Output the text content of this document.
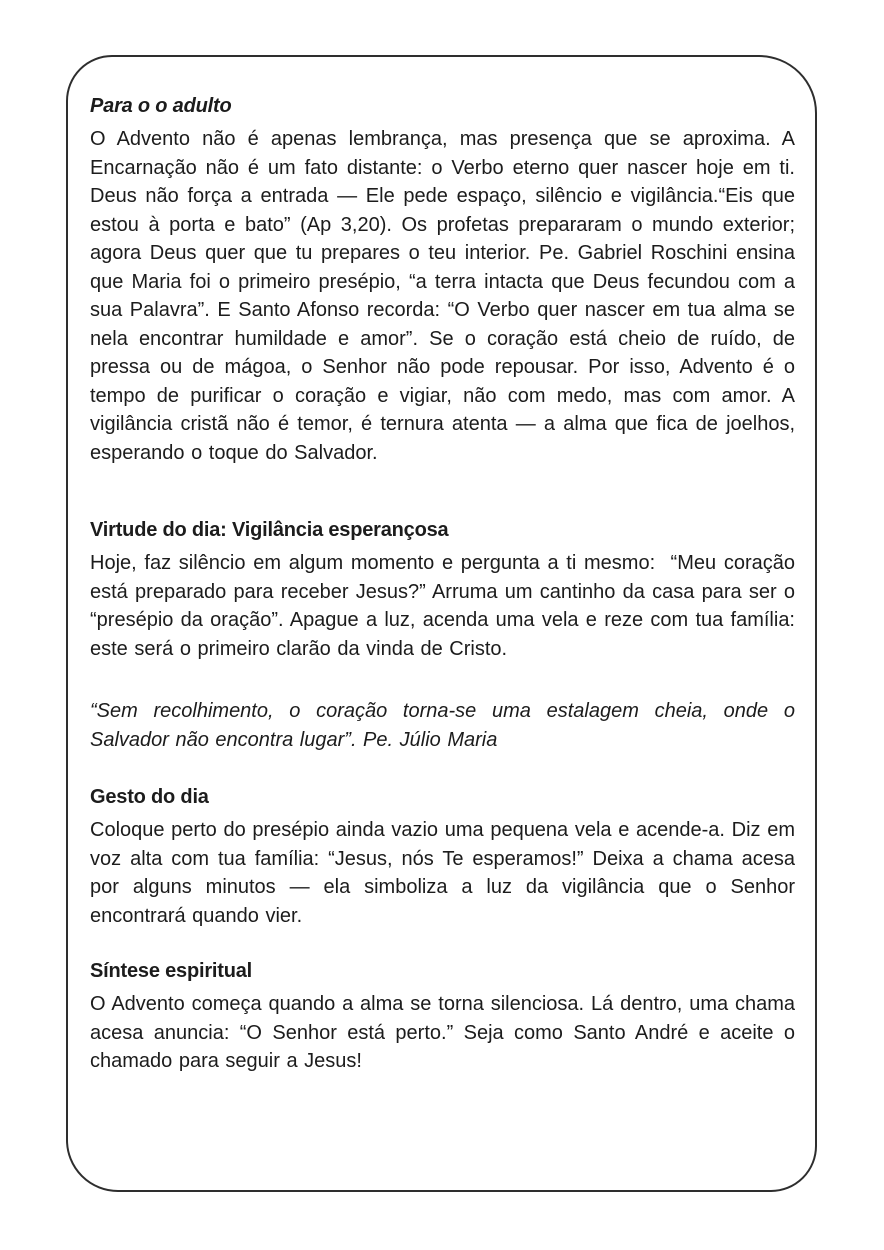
Para o o adulto

O Advento não é apenas lembrança, mas presença que se aproxima. A Encarnação não é um fato distante: o Verbo eterno quer nascer hoje em ti. Deus não força a entrada — Ele pede espaço, silêncio e vigilância.“Eis que estou à porta e bato” (Ap 3,20). Os profetas prepararam o mundo exterior; agora Deus quer que tu prepares o teu interior. Pe. Gabriel Roschini ensina que Maria foi o primeiro presépio, “a terra intacta que Deus fecundou com a sua Palavra”. E Santo Afonso recorda: “O Verbo quer nascer em tua alma se nela encontrar humildade e amor”. Se o coração está cheio de ruído, de pressa ou de mágoa, o Senhor não pode repousar. Por isso, Advento é o tempo de purificar o coração e vigiar, não com medo, mas com amor. A vigilância cristã não é temor, é ternura atenta — a alma que fica de joelhos, esperando o toque do Salvador.

Virtude do dia: Vigilância esperançosa

Hoje, faz silêncio em algum momento e pergunta a ti mesmo:  “Meu coração está preparado para receber Jesus?” Arruma um cantinho da casa para ser o “presépio da oração”. Apague a luz, acenda uma vela e reze com tua família: este será o primeiro clarão da vinda de Cristo.

“Sem recolhimento, o coração torna-se uma estalagem cheia, onde o Salvador não encontra lugar”. Pe. Júlio Maria

Gesto do dia

Coloque perto do presépio ainda vazio uma pequena vela e acende-a. Diz em voz alta com tua família: “Jesus, nós Te esperamos!” Deixa a chama acesa por alguns minutos — ela simboliza a luz da vigilância que o Senhor encontrará quando vier.

Síntese espiritual

O Advento começa quando a alma se torna silenciosa. Lá dentro, uma chama acesa anuncia: “O Senhor está perto.” Seja como Santo André e aceite o chamado para seguir a Jesus!
